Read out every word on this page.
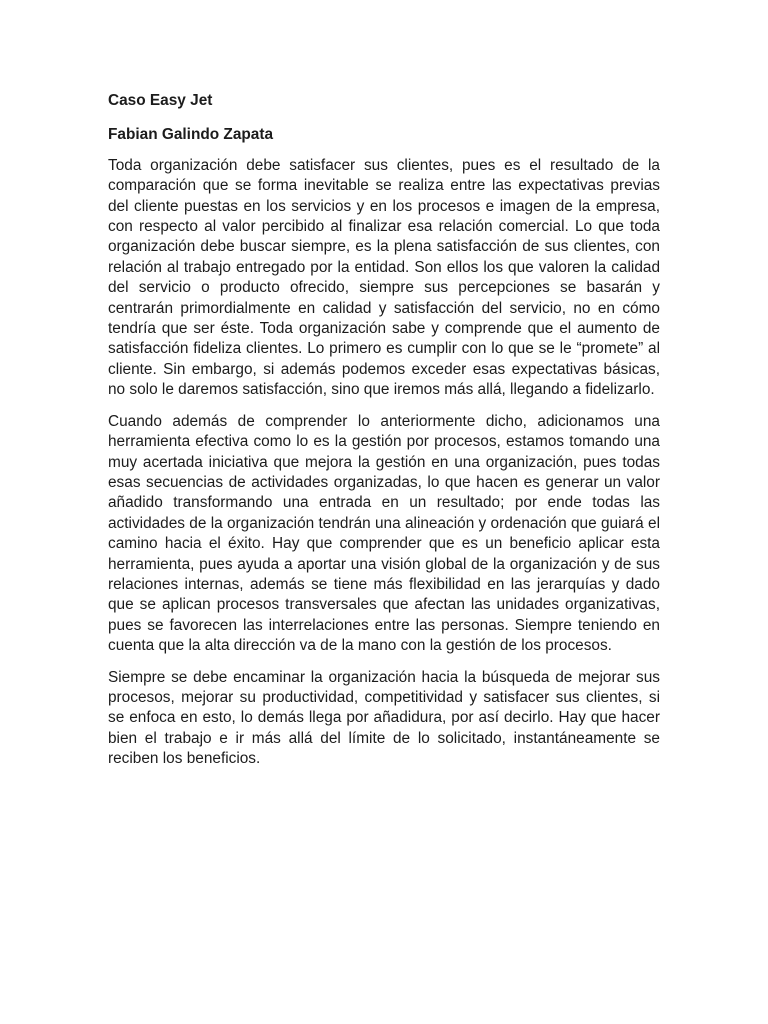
Caso Easy Jet
Fabian Galindo Zapata

Toda organización debe satisfacer sus clientes, pues es el resultado de la comparación que se forma inevitable se realiza entre las expectativas previas del cliente puestas en los servicios y en los procesos e imagen de la empresa, con respecto al valor percibido al finalizar esa relación comercial. Lo que toda organización debe buscar siempre, es la plena satisfacción de sus clientes, con relación al trabajo entregado por la entidad. Son ellos los que valoren la calidad del servicio o producto ofrecido, siempre sus percepciones se basarán y centrarán primordialmente en calidad y satisfacción del servicio, no en cómo tendría que ser éste. Toda organización sabe y comprende que el aumento de satisfacción fideliza clientes. Lo primero es cumplir con lo que se le “promete” al cliente. Sin embargo, si además podemos exceder esas expectativas básicas, no solo le daremos satisfacción, sino que iremos más allá, llegando a fidelizarlo.

Cuando además de comprender lo anteriormente dicho, adicionamos una herramienta efectiva como lo es la gestión por procesos, estamos tomando una muy acertada iniciativa que mejora la gestión en una organización, pues todas esas secuencias de actividades organizadas, lo que hacen es generar un valor añadido transformando una entrada en un resultado; por ende todas las actividades de la organización tendrán una alineación y ordenación que guiará el camino hacia el éxito. Hay que comprender que es un beneficio aplicar esta herramienta, pues ayuda a aportar una visión global de la organización y de sus relaciones internas, además se tiene más flexibilidad en las jerarquías y dado que se aplican procesos transversales que afectan las unidades organizativas, pues se favorecen las interrelaciones entre las personas. Siempre teniendo en cuenta que la alta dirección va de la mano con la gestión de los procesos.

Siempre se debe encaminar la organización hacia la búsqueda de mejorar sus procesos, mejorar su productividad, competitividad y satisfacer sus clientes, si se enfoca en esto, lo demás llega por añadidura, por así decirlo. Hay que hacer bien el trabajo e ir más allá del límite de lo solicitado, instantáneamente se reciben los beneficios.
